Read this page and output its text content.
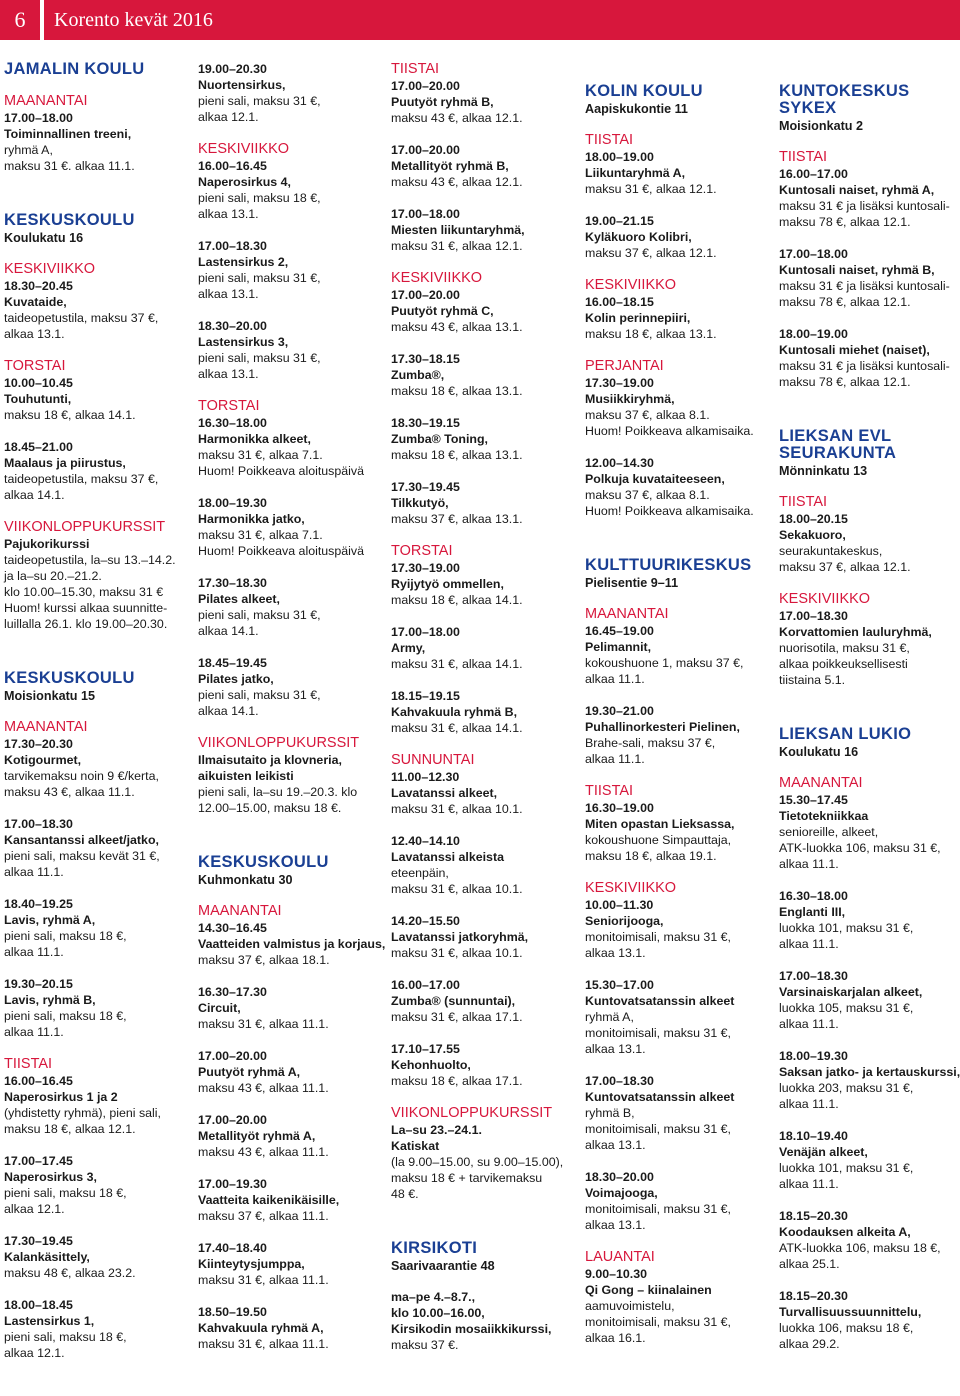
6	Korento kevät 2016
JAMALIN KOULU
MAANANTAI
17.00–18.00
Toiminnallinen treeni,
ryhmä A,
maksu 31 €. alkaa 11.1.
KESKUSKOULU
Koulukatu 16
KESKIVIIKKO
18.30–20.45
Kuvataide,
taideopetustila, maksu 37 €,
alkaa 13.1.
TORSTAI
10.00–10.45
Touhutunti,
maksu 18 €, alkaa 14.1.
18.45–21.00
Maalaus ja piirustus,
taideopetustila, maksu 37 €,
alkaa 14.1.
VIIKONLOPPUKURSSIT
Pajukorikurssi
taideopetustila, la–su 13.–14.2.
ja la–su 20.–21.2.
klo 10.00–15.30, maksu 31 €
Huom! kurssi alkaa suunnitte-
luillalla 26.1. klo 19.00–20.30.
KESKUSKOULU
Moisionkatu 15
MAANANTAI
17.30–20.30
Kotigourmet,
tarvikemaksu noin 9 €/kerta,
maksu 43 €, alkaa 11.1.
17.00–18.30
Kansantanssi alkeet/jatko,
pieni sali, maksu kevät 31 €,
alkaa 11.1.
18.40–19.25
Lavis, ryhmä A,
pieni sali, maksu 18 €,
alkaa 11.1.
19.30–20.15
Lavis, ryhmä B,
pieni sali, maksu 18 €,
alkaa 11.1.
TIISTAI
16.00–16.45
Naperosirkus 1 ja 2
(yhdistetty ryhmä), pieni sali,
maksu 18 €, alkaa 12.1.
17.00–17.45
Naperosirkus 3,
pieni sali, maksu 18 €,
alkaa 12.1.
17.30–19.45
Kalankäsittely,
maksu 48 €, alkaa 23.2.
18.00–18.45
Lastensirkus 1,
pieni sali, maksu 18 €,
alkaa 12.1.
19.00–20.30
Nuortensirkus,
pieni sali, maksu 31 €,
alkaa 12.1.
KESKIVIIKKO
16.00–16.45
Naperosirkus 4,
pieni sali, maksu 18 €,
alkaa 13.1.
17.00–18.30
Lastensirkus 2,
pieni sali, maksu 31 €,
alkaa 13.1.
18.30–20.00
Lastensirkus 3,
pieni sali, maksu 31 €,
alkaa 13.1.
TORSTAI
16.30–18.00
Harmonikka alkeet,
maksu 31 €, alkaa 7.1.
Huom! Poikkeava aloituspäivä
18.00–19.30
Harmonikka jatko,
maksu 31 €, alkaa 7.1.
Huom! Poikkeava aloituspäivä
17.30–18.30
Pilates alkeet,
pieni sali, maksu 31 €,
alkaa 14.1.
18.45–19.45
Pilates jatko,
pieni sali, maksu 31 €,
alkaa 14.1.
VIIKONLOPPUKURSSIT
Ilmaisutaito ja klovneria,
aikuisten leikisti
pieni sali, la–su 19.–20.3. klo
12.00–15.00, maksu 18 €.
KESKUSKOULU
Kuhmonkatu 30
MAANANTAI
14.30–16.45
Vaatteiden valmistus ja korjaus,
maksu 37 €, alkaa 18.1.
16.30–17.30
Circuit,
maksu 31 €, alkaa 11.1.
17.00–20.00
Puutyöt ryhmä A,
maksu 43 €, alkaa 11.1.
17.00–20.00
Metallityöt ryhmä A,
maksu 43 €, alkaa 11.1.
17.00–19.30
Vaatteita kaikenikäisille,
maksu 37 €, alkaa 11.1.
17.40–18.40
Kiinteytysjumppa,
maksu 31 €, alkaa 11.1.
18.50–19.50
Kahvakuula ryhmä A,
maksu 31 €, alkaa 11.1.
TIISTAI
17.00–20.00
Puutyöt ryhmä B,
maksu 43 €, alkaa 12.1.
17.00–20.00
Metallityöt ryhmä B,
maksu 43 €, alkaa 12.1.
17.00–18.00
Miesten liikuntaryhmä,
maksu 31 €, alkaa 12.1.
KESKIVIIKKO
17.00–20.00
Puutyöt ryhmä C,
maksu 43 €, alkaa 13.1.
17.30–18.15
Zumba®,
maksu 18 €, alkaa 13.1.
18.30–19.15
Zumba® Toning,
maksu 18 €, alkaa 13.1.
17.30–19.45
Tilkkutyö,
maksu 37 €, alkaa 13.1.
TORSTAI
17.30–19.00
Ryijytyö ommellen,
maksu 18 €, alkaa 14.1.
17.00–18.00
Army,
maksu 31 €, alkaa 14.1.
18.15–19.15
Kahvakuula ryhmä B,
maksu 31 €, alkaa 14.1.
SUNNUNTAI
11.00–12.30
Lavatanssi alkeet,
maksu 31 €, alkaa 10.1.
12.40–14.10
Lavatanssi alkeista
eteenpäin,
maksu 31 €, alkaa 10.1.
14.20–15.50
Lavatanssi jatkoryhmä,
maksu 31 €, alkaa 10.1.
16.00–17.00
Zumba® (sunnuntai),
maksu 31 €, alkaa 17.1.
17.10–17.55
Kehonhuolto,
maksu 18 €, alkaa 17.1.
VIIKONLOPPUKURSSIT
La–su 23.–24.1.
Katiskat
(la 9.00–15.00, su 9.00–15.00),
maksu 18 € + tarvikemaksu
48 €.
KIRSIKOTI
Saarivaarantie 48
ma–pe 4.–8.7.,
klo 10.00–16.00,
Kirsikodin mosaiikkikurssi,
maksu 37 €.
KOLIN KOULU
Aapiskukontie 11
TIISTAI
18.00–19.00
Liikuntaryhmä A,
maksu 31 €, alkaa 12.1.
19.00–21.15
Kyläkuoro Kolibri,
maksu 37 €, alkaa 12.1.
KESKIVIIKKO
16.00–18.15
Kolin perinnepiiri,
maksu 18 €, alkaa 13.1.
PERJANTAI
17.30–19.00
Musiikkiryhmä,
maksu 37 €, alkaa 8.1.
Huom! Poikkeava alkamisaika.
12.00–14.30
Polkuja kuvataiteeseen,
maksu 37 €, alkaa 8.1.
Huom! Poikkeava alkamisaika.
KULTTUURIKESKUS
Pielisentie 9–11
MAANANTAI
16.45–19.00
Pelimannit,
kokoushuone 1, maksu 37 €,
alkaa 11.1.
19.30–21.00
Puhallinorkesteri Pielinen,
Brahe-sali, maksu 37 €,
alkaa 11.1.
TIISTAI
16.30–19.00
Miten opastan Lieksassa,
kokoushuone Simpauttaja,
maksu 18 €, alkaa 19.1.
KESKIVIIKKO
10.00–11.30
Seniorijooga,
monitoimisali, maksu 31 €,
alkaa 13.1.
15.30–17.00
Kuntovatsatanssin alkeet
ryhmä A,
monitoimisali, maksu 31 €,
alkaa 13.1.
17.00–18.30
Kuntovatsatanssin alkeet
ryhmä B,
monitoimisali, maksu 31 €,
alkaa 13.1.
18.30–20.00
Voimajooga,
monitoimisali, maksu 31 €,
alkaa 13.1.
LAUANTAI
9.00–10.30
Qi Gong – kiinalainen
aamuvoimistelu,
monitoimisali, maksu 31 €,
alkaa 16.1.
KUNTOKESKUS SYKEX
Moisionkatu 2
TIISTAI
16.00–17.00
Kuntosali naiset, ryhmä A,
maksu 31 € ja lisäksi kuntosali-
maksu 78 €, alkaa 12.1.
17.00–18.00
Kuntosali naiset, ryhmä B,
maksu 31 € ja lisäksi kuntosali-
maksu 78 €, alkaa 12.1.
18.00–19.00
Kuntosali miehet (naiset),
maksu 31 € ja lisäksi kuntosali-
maksu 78 €, alkaa 12.1.
LIEKSAN EVL SEURAKUNTA
Mönninkatu 13
TIISTAI
18.00–20.15
Sekakuoro,
seurakuntakeskus,
maksu 37 €, alkaa 12.1.
KESKIVIIKKO
17.00–18.30
Korvattomien lauluryhmä,
nuorisotila, maksu 31 €,
alkaa poikkeuksellisesti
tiistaina 5.1.
LIEKSAN LUKIO
Koulukatu 16
MAANANTAI
15.30–17.45
Tietotekniikkaa
senioreille, alkeet,
ATK-luokka 106, maksu 31 €,
alkaa 11.1.
16.30–18.00
Englanti III,
luokka 101, maksu 31 €,
alkaa 11.1.
17.00–18.30
Varsinaiskarjalan alkeet,
luokka 105, maksu 31 €,
alkaa 11.1.
18.00–19.30
Saksan jatko- ja kertauskurssi,
luokka 203, maksu 31 €,
alkaa 11.1.
18.10–19.40
Venäjän alkeet,
luokka 101, maksu 31 €,
alkaa 11.1.
18.15–20.30
Koodauksen alkeita A,
ATK-luokka 106, maksu 18 €,
alkaa 25.1.
18.15–20.30
Turvallisuussuunnittelu,
luokka 106, maksu 18 €,
alkaa 29.2.
